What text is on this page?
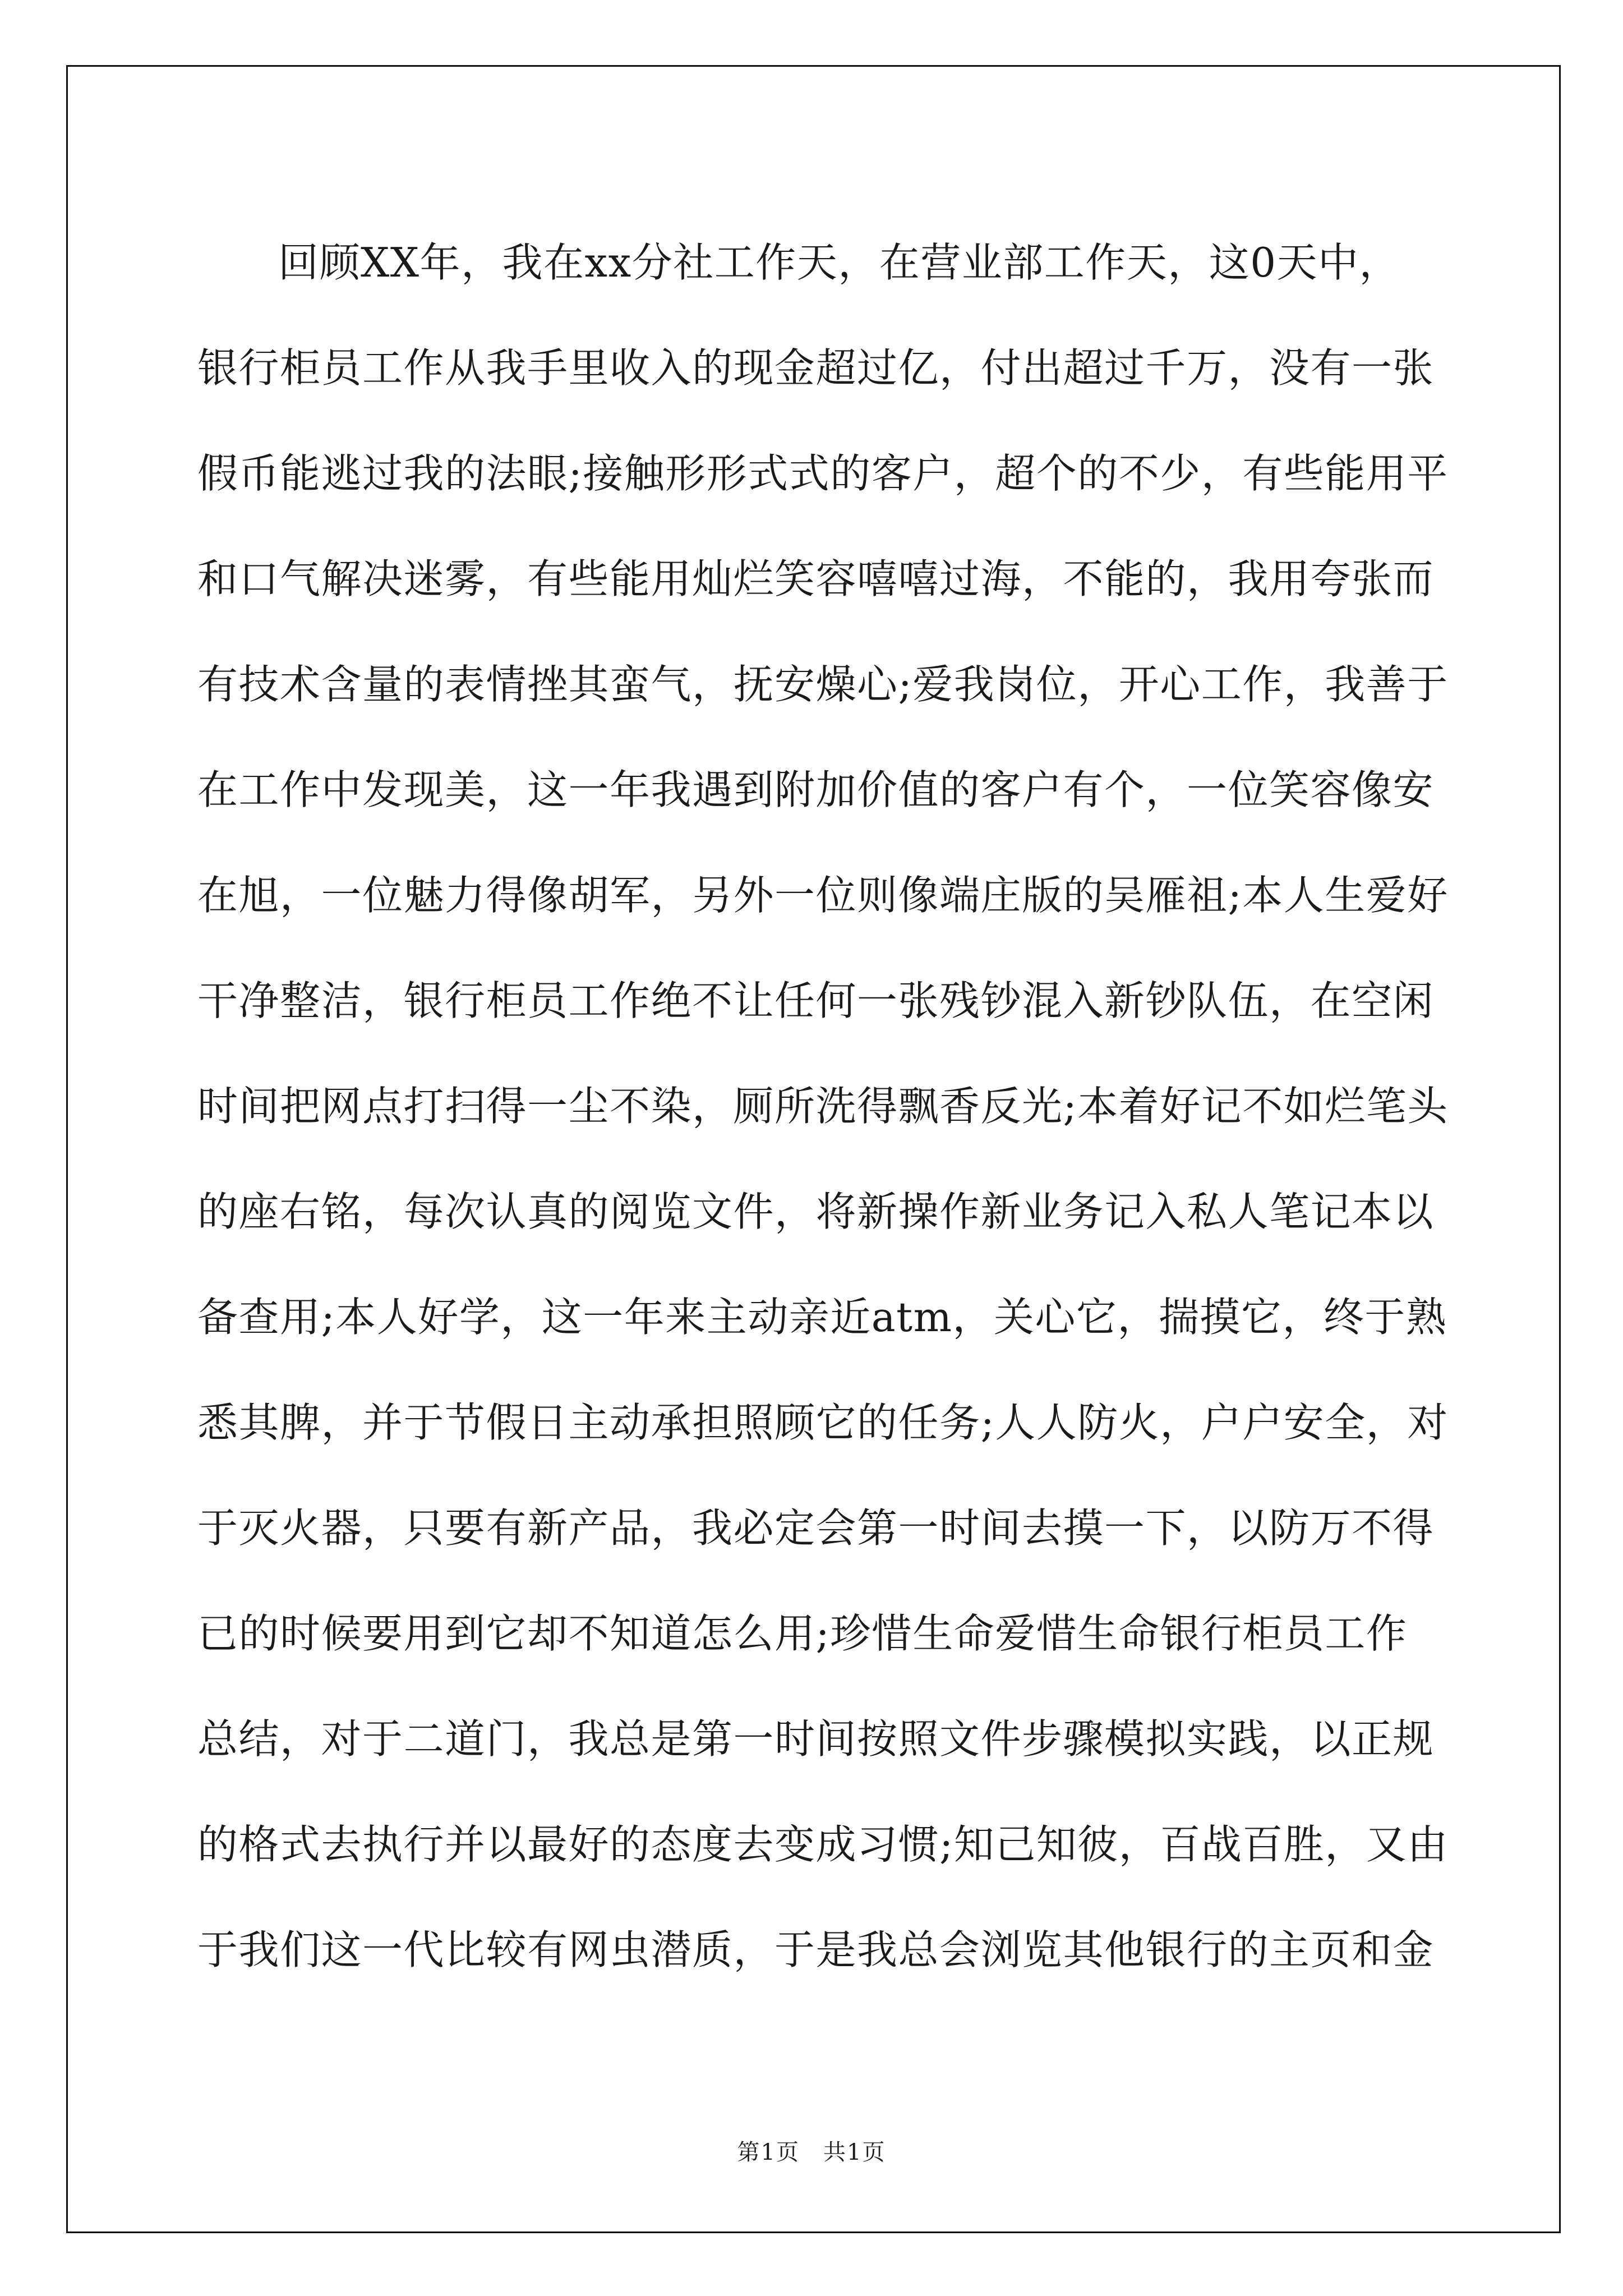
回顾XX年，我在xx分社工作天，在营业部工作天，这0天中，
银行柜员工作从我手里收入的现金超过亿，付出超过千万，没有一张
假币能逃过我的法眼;接触形形式式的客户，超个的不少，有些能用平
和口气解决迷雾，有些能用灿烂笑容嘻嘻过海，不能的，我用夸张而
有技术含量的表情挫其蛮气，抚安燥心;爱我岗位，开心工作，我善于
在工作中发现美，这一年我遇到附加价值的客户有个，一位笑容像安
在旭，一位魅力得像胡军，另外一位则像端庄版的吴雁祖;本人生爱好
干净整洁，银行柜员工作绝不让任何一张残钞混入新钞队伍，在空闲
时间把网点打扫得一尘不染，厕所洗得飘香反光;本着好记不如烂笔头
的座右铭，每次认真的阅览文件，将新操作新业务记入私人笔记本以
备查用;本人好学，这一年来主动亲近atm，关心它，揣摸它，终于熟
悉其脾，并于节假日主动承担照顾它的任务;人人防火，户户安全，对
于灭火器，只要有新产品，我必定会第一时间去摸一下，以防万不得
已的时候要用到它却不知道怎么用;珍惜生命爱惜生命银行柜员工作
总结，对于二道门，我总是第一时间按照文件步骤模拟实践，以正规
的格式去执行并以最好的态度去变成习惯;知己知彼，百战百胜，又由
于我们这一代比较有网虫潜质，于是我总会浏览其他银行的主页和金
第1页　共1页
